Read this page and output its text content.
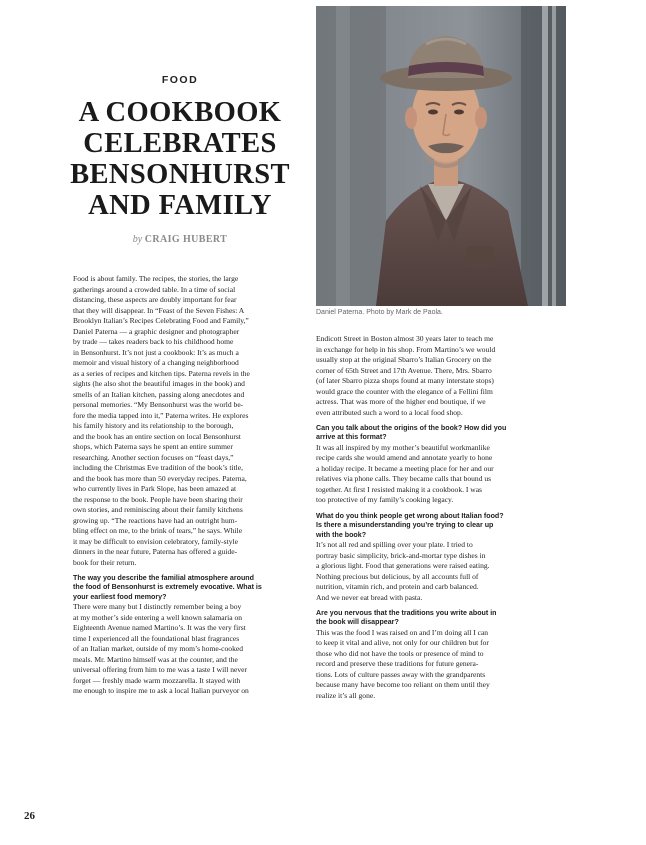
FOOD
A COOKBOOK
CELEBRATES
BENSONHURST
AND FAMILY
by CRAIG HUBERT
Daniel Paterna. Photo by Mark de Paola.
Food is about family. The recipes, the stories, the large
gatherings around a crowded table. In a time of social
distancing, these aspects are doubly important for fear
that they will disappear. In “Feast of the Seven Fishes: A
Brooklyn Italian’s Recipes Celebrating Food and Family,”
Daniel Paterna — a graphic designer and photographer
by trade — takes readers back to his childhood home
in Bensonhurst. It’s not just a cookbook: It’s as much a
memoir and visual history of a changing neighborhood
as a series of recipes and kitchen tips. Paterna revels in the
sights (he also shot the beautiful images in the book) and
smells of an Italian kitchen, passing along anecdotes and
personal memories. “My Bensonhurst was the world be-
fore the media tapped into it,” Paterna writes. He explores
his family history and its relationship to the borough,
and the book has an entire section on local Bensonhurst
shops, which Paterna says he spent an entire summer
researching. Another section focuses on “feast days,”
including the Christmas Eve tradition of the book’s title,
and the book has more than 50 everyday recipes. Paterna,
who currently lives in Park Slope, has been amazed at
the response to the book. People have been sharing their
own stories, and reminiscing about their family kitchens
growing up. “The reactions have had an outright hum-
bling effect on me, to the brink of tears,” he says. While
it may be difficult to envision celebratory, family-style
dinners in the near future, Paterna has offered a guide-
book for their return.
The way you describe the familial atmosphere around
the food of Bensonhurst is extremely evocative. What is
your earliest food memory?
There were many but I distinctly remember being a boy
at my mother’s side entering a well known salamaria on
Eighteenth Avenue named Martino’s. It was the very first
time I experienced all the foundational blast fragrances
of an Italian market, outside of my mom’s home-cooked
meals. Mr. Martino himself was at the counter, and the
universal offering from him to me was a taste I will never
forget — freshly made warm mozzarella. It stayed with
me enough to inspire me to ask a local Italian purveyor on
Endicott Street in Boston almost 30 years later to teach me
in exchange for help in his shop. From Martino’s we would
usually stop at the original Sbarro’s Italian Grocery on the
corner of 65th Street and 17th Avenue. There, Mrs. Sbarro
(of later Sbarro pizza shops found at many interstate stops)
would grace the counter with the elegance of a Fellini film
actress. That was more of the higher end boutique, if we
even attributed such a word to a local food shop.
Can you talk about the origins of the book? How did you
arrive at this format?
It was all inspired by my mother’s beautiful workmanlike
recipe cards she would amend and annotate yearly to hone
a holiday recipe. It became a meeting place for her and our
relatives via phone calls. They became calls that bound us
together. At first I resisted making it a cookbook. I was
too protective of my family’s cooking legacy.
What do you think people get wrong about Italian food?
Is there a misunderstanding you’re trying to clear up
with the book?
It’s not all red and spilling over your plate. I tried to
portray basic simplicity, brick-and-mortar type dishes in
a glorious light. Food that generations were raised eating.
Nothing precious but delicious, by all accounts full of
nutrition, vitamin rich, and protein and carb balanced.
And we never eat bread with pasta.
Are you nervous that the traditions you write about in
the book will disappear?
This was the food I was raised on and I’m doing all I can
to keep it vital and alive, not only for our children but for
those who did not have the tools or presence of mind to
record and preserve these traditions for future genera-
tions. Lots of culture passes away with the grandparents
because many have become too reliant on them until they
realize it’s all gone.
26
